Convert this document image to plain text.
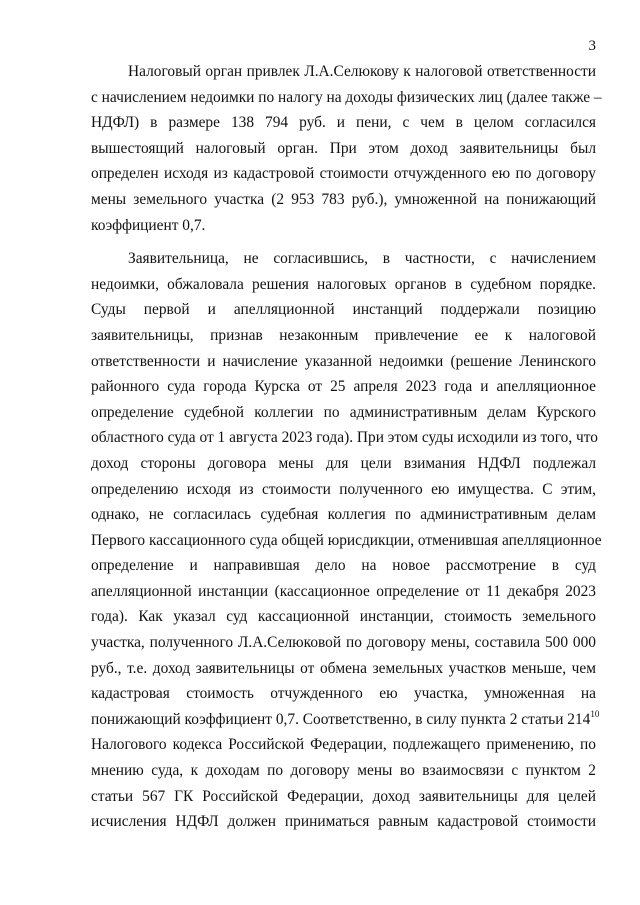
3
Налоговый орган привлек Л.А.Селюкову к налоговой ответственности
с начислением недоимки по налогу на доходы физических лиц (далее также –
НДФЛ) в размере 138 794 руб. и пени, с чем в целом согласился
вышестоящий налоговый орган. При этом доход заявительницы был
определен исходя из кадастровой стоимости отчужденного ею по договору
мены земельного участка (2 953 783 руб.), умноженной на понижающий
коэффициент 0,7.
Заявительница, не согласившись, в частности, с начислением
недоимки, обжаловала решения налоговых органов в судебном порядке.
Суды первой и апелляционной инстанций поддержали позицию
заявительницы, признав незаконным привлечение ее к налоговой
ответственности и начисление указанной недоимки (решение Ленинского
районного суда города Курска от 25 апреля 2023 года и апелляционное
определение судебной коллегии по административным делам Курского
областного суда от 1 августа 2023 года). При этом суды исходили из того, что
доход стороны договора мены для цели взимания НДФЛ подлежал
определению исходя из стоимости полученного ею имущества. С этим,
однако, не согласилась судебная коллегия по административным делам
Первого кассационного суда общей юрисдикции, отменившая апелляционное
определение и направившая дело на новое рассмотрение в суд
апелляционной инстанции (кассационное определение от 11 декабря 2023
года). Как указал суд кассационной инстанции, стоимость земельного
участка, полученного Л.А.Селюковой по договору мены, составила 500 000
руб., т.е. доход заявительницы от обмена земельных участков меньше, чем
кадастровая стоимость отчужденного ею участка, умноженная на
понижающий коэффициент 0,7. Соответственно, в силу пункта 2 статьи $214^{10}$
Налогового кодекса Российской Федерации, подлежащего применению, по
мнению суда, к доходам по договору мены во взаимосвязи с пунктом 2
статьи 567 ГК Российской Федерации, доход заявительницы для целей
исчисления НДФЛ должен приниматься равным кадастровой стоимости
